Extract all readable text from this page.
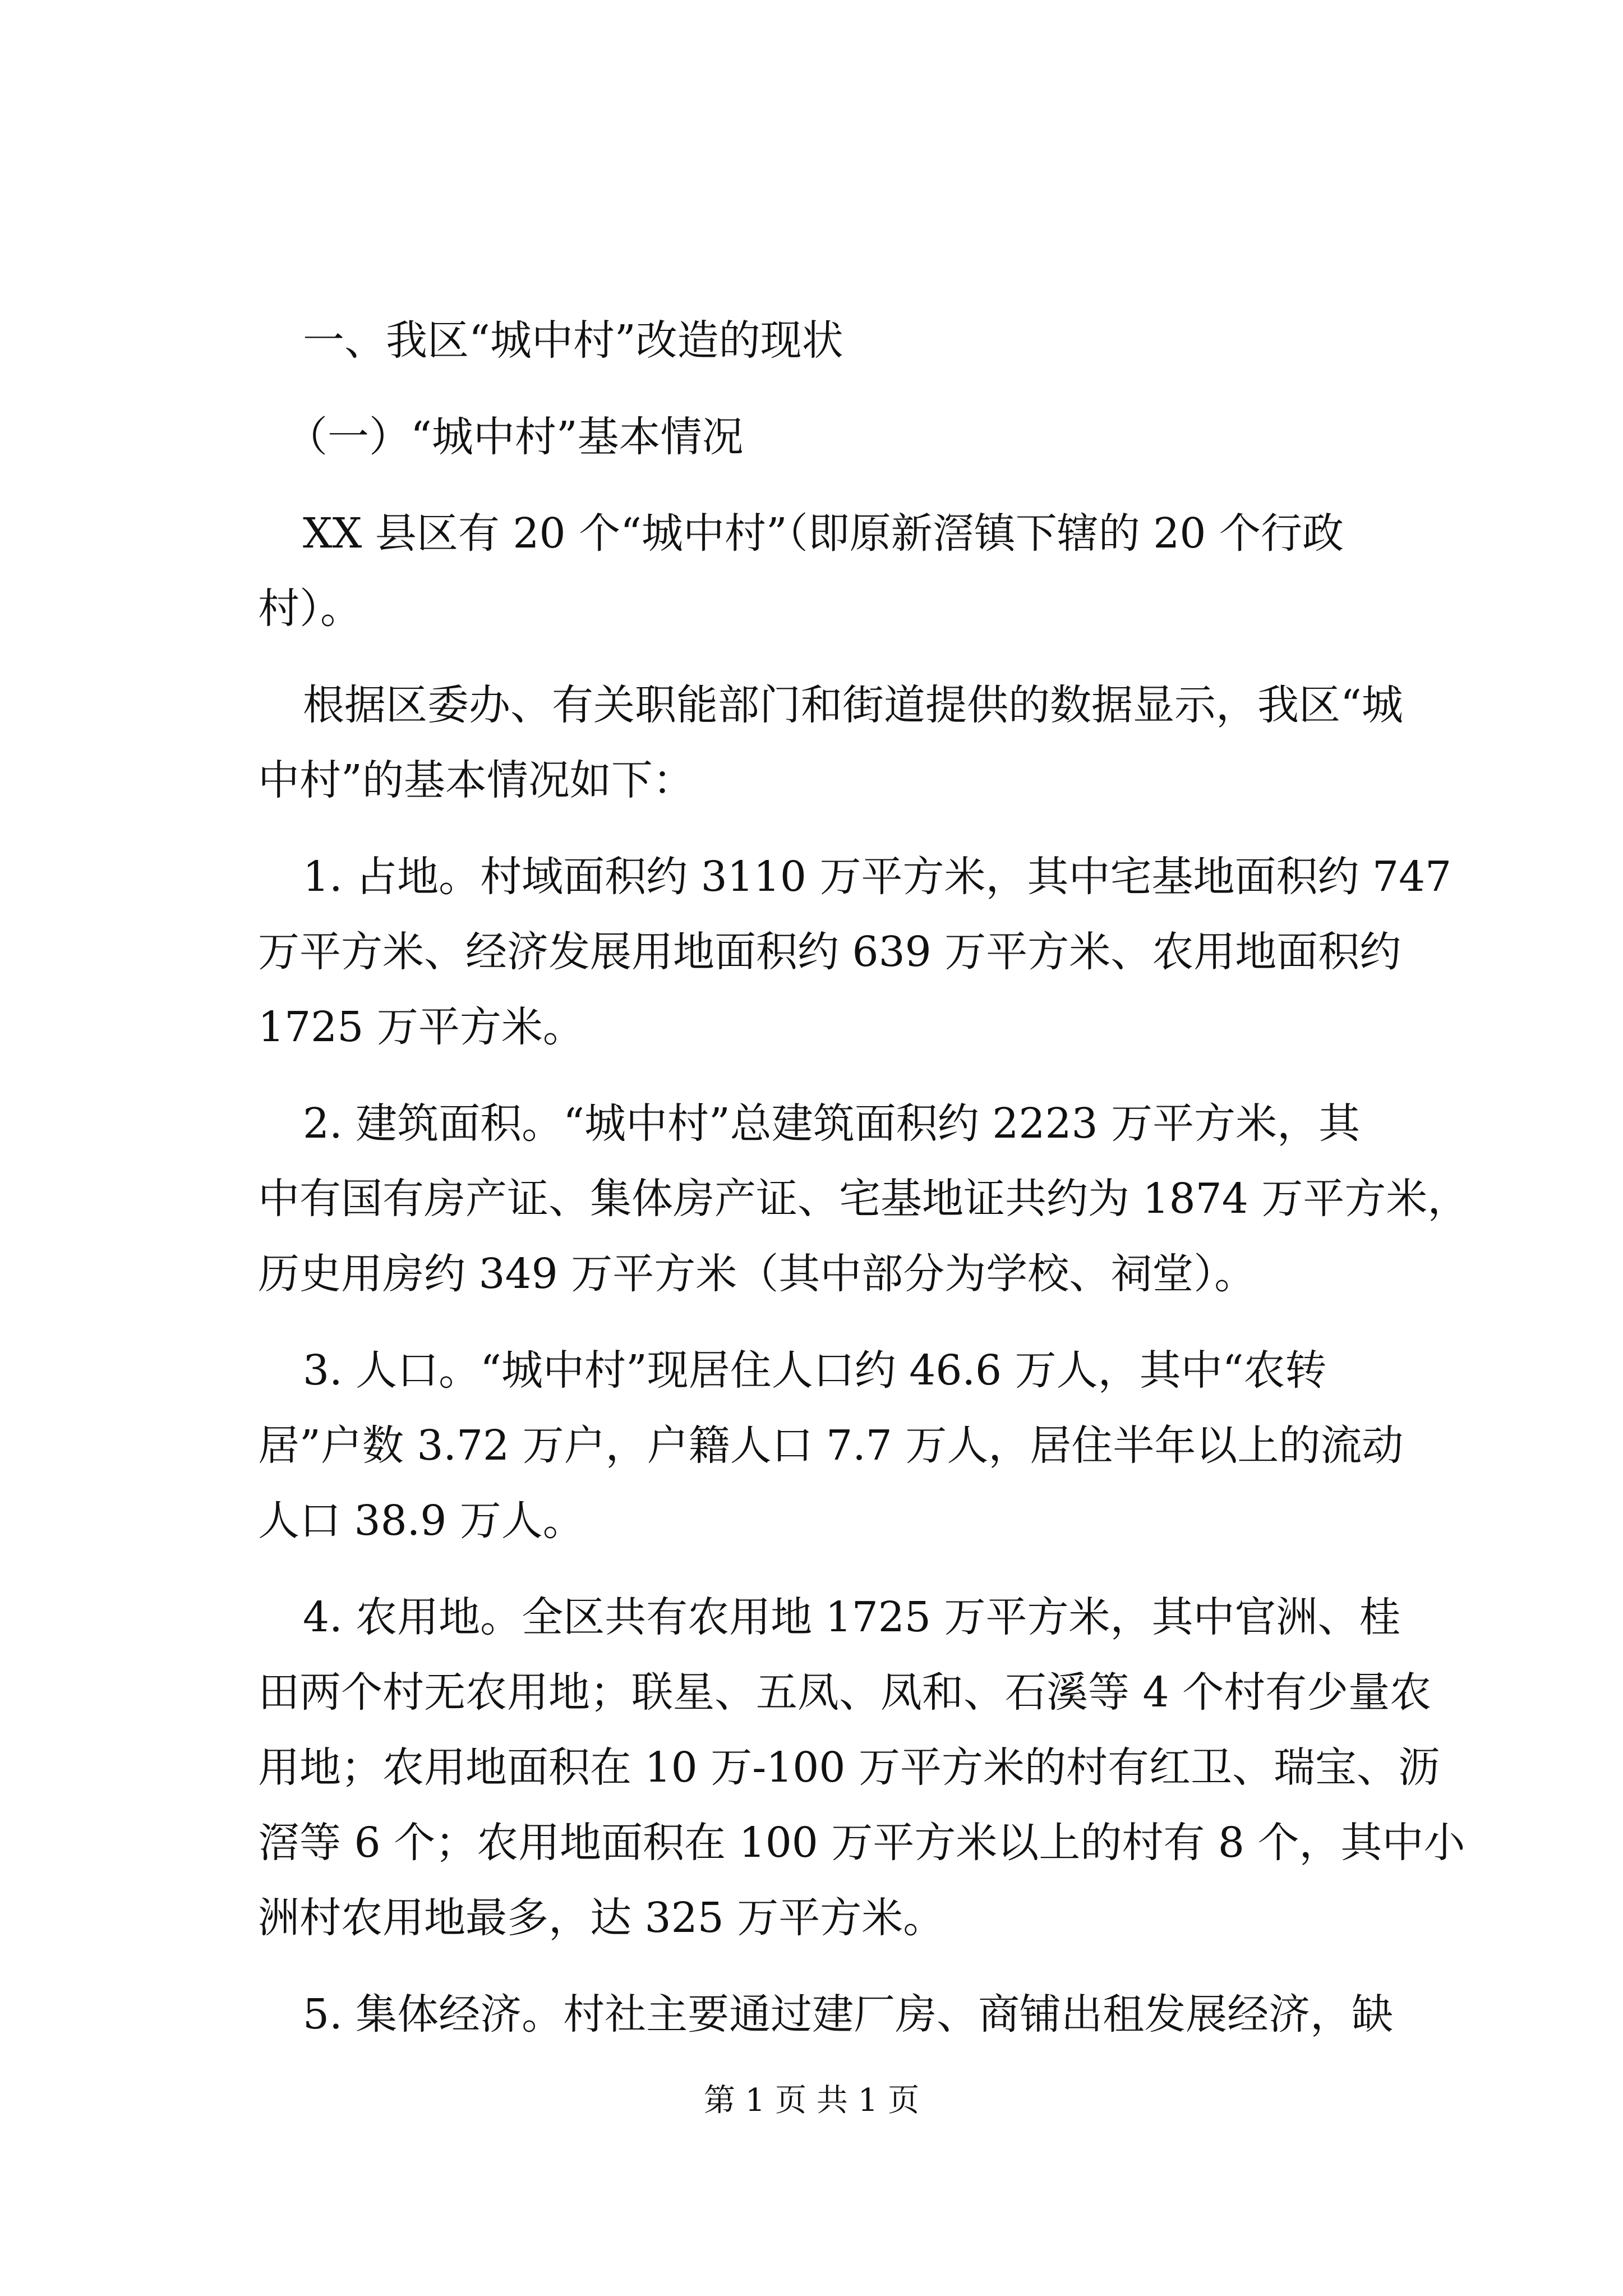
一、我区“城中村”改造的现状

（一）“城中村”基本情况

XX 县区有 20 个“城中村”（即原新滘镇下辖的 20 个行政

村）。

根据区委办、有关职能部门和街道提供的数据显示，我区“城

中村”的基本情况如下：

1. 占地。村域面积约 3110 万平方米，其中宅基地面积约 747

万平方米、经济发展用地面积约 639 万平方米、农用地面积约

1725 万平方米。

2. 建筑面积。“城中村”总建筑面积约 2223 万平方米，其

中有国有房产证、集体房产证、宅基地证共约为 1874 万平方米，

历史用房约 349 万平方米（其中部分为学校、祠堂）。

3. 人口。“城中村”现居住人口约 46.6 万人，其中“农转

居”户数 3.72 万户，户籍人口 7.7 万人，居住半年以上的流动

人口 38.9 万人。

4. 农用地。全区共有农用地 1725 万平方米，其中官洲、桂

田两个村无农用地；联星、五凤、凤和、石溪等 4 个村有少量农

用地；农用地面积在 10 万-100 万平方米的村有红卫、瑞宝、沥

滘等 6 个；农用地面积在 100 万平方米以上的村有 8 个，其中小

洲村农用地最多，达 325 万平方米。

5. 集体经济。村社主要通过建厂房、商铺出租发展经济，缺

第 1 页 共 1 页
